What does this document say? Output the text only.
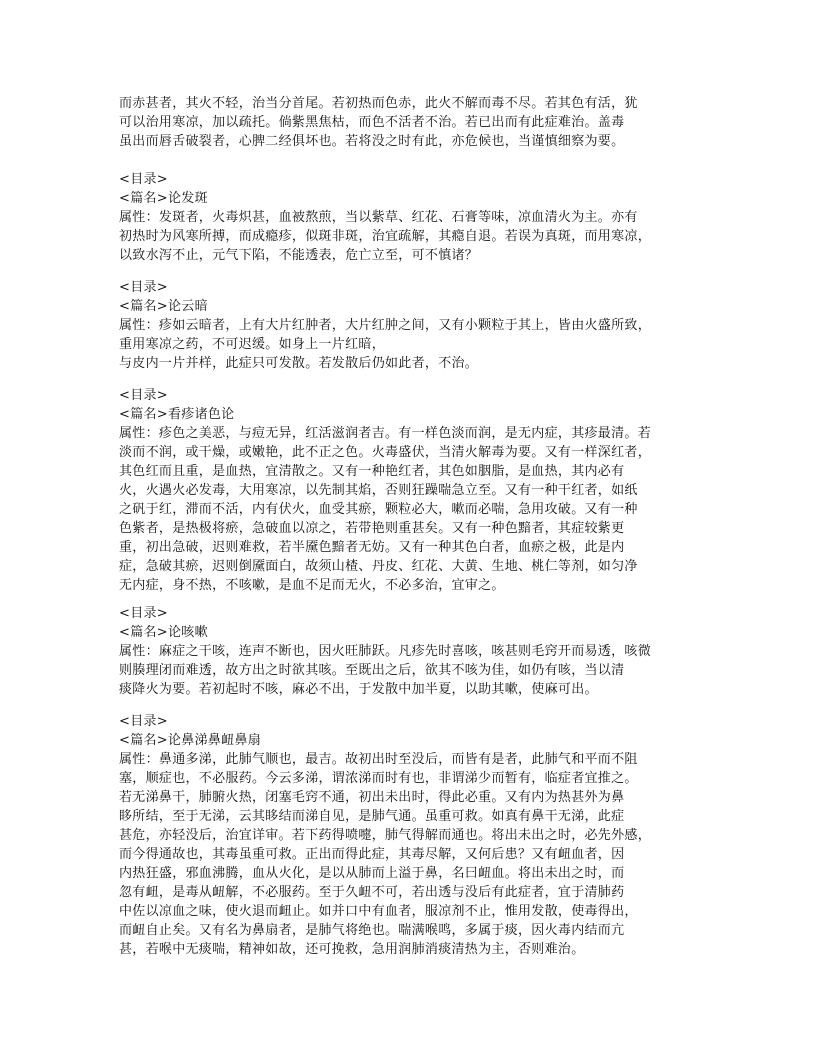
而赤甚者，其火不轻，治当分首尾。若初热而色赤，此火不解而毒不尽。若其色有活，犹
可以治用寒凉，加以疏托。倘紫黑焦枯，而色不活者不治。若已出而有此症难治。盖毒
虽出而唇舌破裂者，心脾二经俱坏也。若将没之时有此，亦危候也，当谨慎细察为要。
<目录>
<篇名>论发斑
属性：发斑者，火毒炽甚，血被熬煎，当以紫草、红花、石膏等味，凉血清火为主。亦有
初热时为风寒所搏，而成瘾疹，似斑非斑，治宜疏解，其瘾自退。若误为真斑，而用寒凉，
以致水泻不止，元气下陷，不能透表，危亡立至，可不慎诸？
<目录>
<篇名>论云暗
属性：疹如云暗者，上有大片红肿者，大片红肿之间，又有小颗粒于其上，皆由火盛所致，
重用寒凉之药，不可迟缓。如身上一片红暗，
与皮内一片并样，此症只可发散。若发散后仍如此者，不治。
<目录>
<篇名>看疹诸色论
属性：疹色之美恶，与痘无异，红活滋润者吉。有一样色淡而润，是无内症，其疹最清。若
淡而不润，或干燥，或嫩艳，此不正之色。火毒盛伏，当清火解毒为要。又有一样深红者，
其色红而且重，是血热，宜清散之。又有一种艳红者，其色如胭脂，是血热，其内必有
火，火遇火必发毒，大用寒凉，以先制其焰，否则狂躁喘急立至。又有一种干红者，如纸
之矾于红，滞而不活，内有伏火，血受其瘀，颗粒必大，嗽而必喘，急用攻破。又有一种
色紫者，是热极将瘀，急破血以凉之，若带艳则重甚矣。又有一种色黯者，其症较紫更
重，初出急破，迟则难救，若半黡色黯者无妨。又有一种其色白者，血瘀之极，此是内
症，急破其瘀，迟则倒黡面白，故须山楂、丹皮、红花、大黄、生地、桃仁等剂，如匀净
无内症，身不热，不咳嗽，是血不足而无火，不必多治，宜审之。
<目录>
<篇名>论咳嗽
属性：麻症之干咳，连声不断也，因火旺肺跃。凡疹先时喜咳，咳甚则毛窍开而易透，咳微
则腠理闭而难透，故方出之时欲其咳。至既出之后，欲其不咳为佳，如仍有咳，当以清
痰降火为要。若初起时不咳，麻必不出，于发散中加半夏，以助其嗽，使麻可出。
<目录>
<篇名>论鼻涕鼻衄鼻扇
属性：鼻通多涕，此肺气顺也，最吉。故初出时至没后，而皆有是者，此肺气和平而不阻
塞，顺症也，不必服药。今云多涕，谓浓涕而时有也，非谓涕少而暂有，临症者宜推之。
若无涕鼻干，肺腑火热，闭塞毛窍不通，初出未出时，得此必重。又有内为热甚外为鼻
眵所结，至于无涕，云其眵结而涕自见，是肺气通。虽重可救。如真有鼻干无涕，此症
甚危，亦轻没后，治宜详审。若下药得喷嚏，肺气得解而通也。将出未出之时，必先外感，
而今得通故也，其毒虽重可救。正出而得此症，其毒尽解，又何后患？又有衄血者，因
内热狂盛，邪血沸腾，血从火化，是以从肺而上溢于鼻，名曰衄血。将出未出之时，而
忽有衄，是毒从衄解，不必服药。至于久衄不可，若出透与没后有此症者，宜于清肺药
中佐以凉血之味，使火退而衄止。如并口中有血者，服凉剂不止，惟用发散，使毒得出，
而衄自止矣。又有名为鼻扇者，是肺气将绝也。喘满喉鸣，多属于痰，因火毒内结而亢
甚，若喉中无痰喘，精神如故，还可挽救，急用润肺消痰清热为主，否则难治。
